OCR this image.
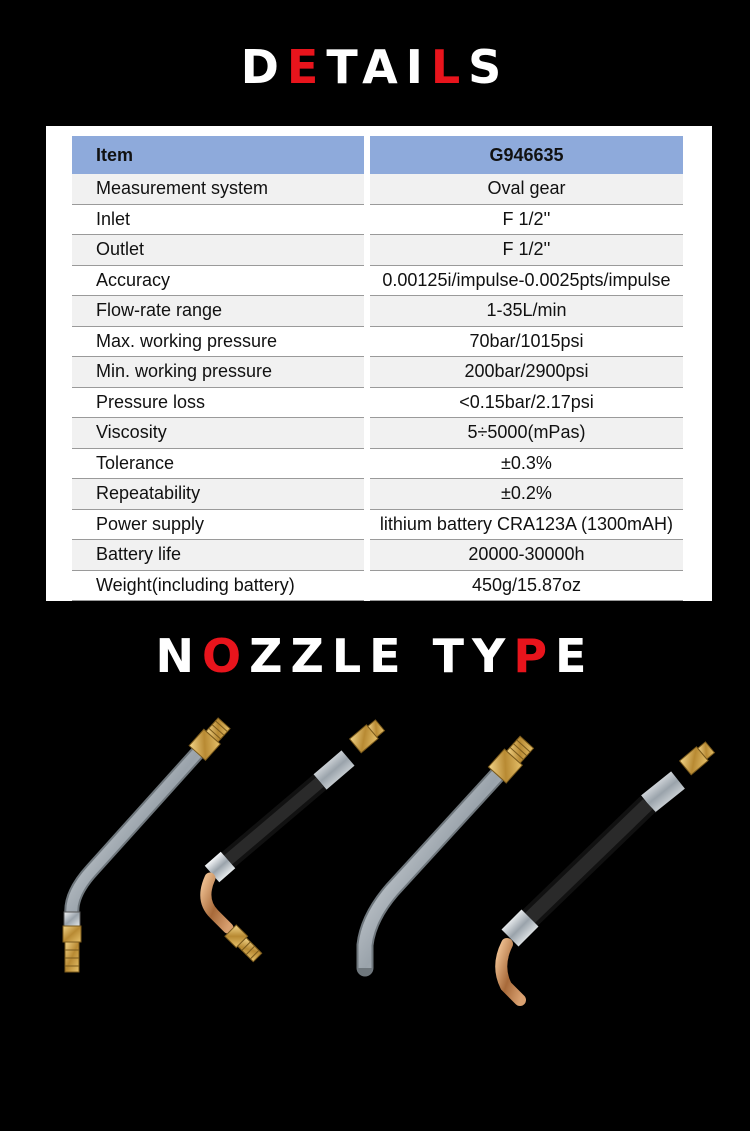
DETAILS
Item		G946635
Measurement system		Oval gear
Inlet		F 1/2''
Outlet		F 1/2''
Accuracy		0.00125i/impulse-0.0025pts/impulse
Flow-rate range		1-35L/min
Max. working pressure		70bar/1015psi
Min. working pressure		200bar/2900psi
Pressure loss		<0.15bar/2.17psi
Viscosity		5÷5000(mPas)
Tolerance		±0.3%
Repeatability		±0.2%
Power supply		lithium battery CRA123A (1300mAH)
Battery life		20000-30000h
Weight(including battery)		450g/15.87oz
NOZZLE TYPE
